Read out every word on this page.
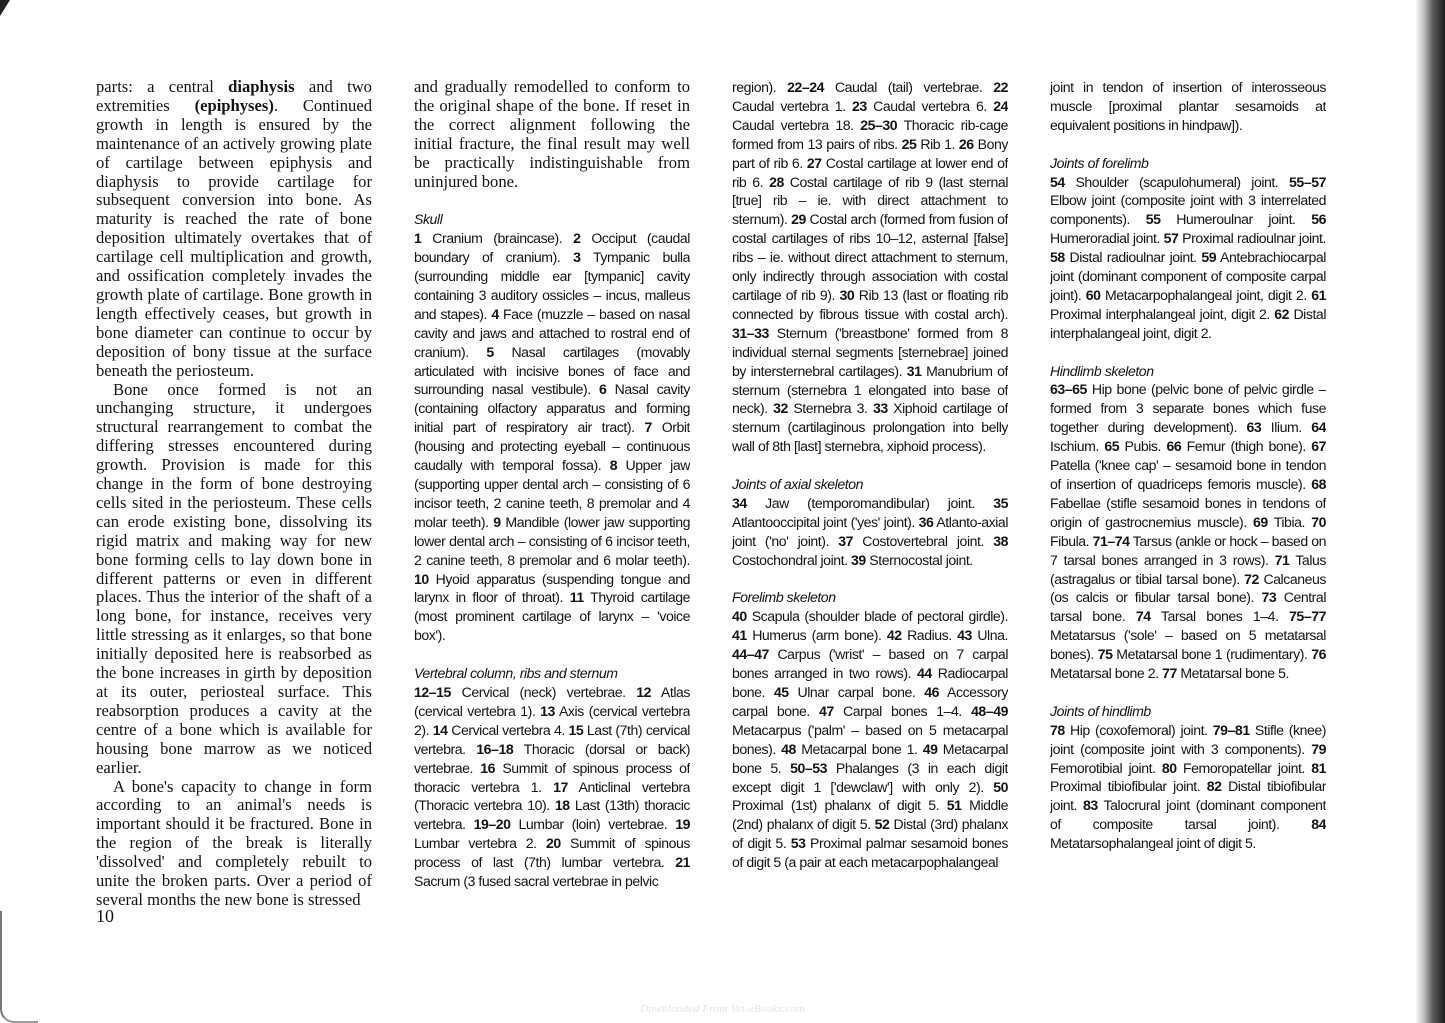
parts: a central diaphysis and two extremities (epiphyses). Continued growth in length is ensured by the maintenance of an actively growing plate of cartilage between epiphysis and diaphysis to provide cartilage for subsequent conversion into bone. As maturity is reached the rate of bone deposition ultimately overtakes that of cartilage cell multiplication and growth, and ossification completely invades the growth plate of cartilage. Bone growth in length effectively ceases, but growth in bone diameter can continue to occur by deposition of bony tissue at the surface beneath the periosteum.

Bone once formed is not an unchanging structure, it undergoes structural rearrangement to combat the differing stresses encountered during growth. Provision is made for this change in the form of bone destroying cells sited in the periosteum. These cells can erode existing bone, dissolving its rigid matrix and making way for new bone forming cells to lay down bone in different patterns or even in different places. Thus the interior of the shaft of a long bone, for instance, receives very little stressing as it enlarges, so that bone initially deposited here is reabsorbed as the bone increases in girth by deposition at its outer, periosteal surface. This reabsorption produces a cavity at the centre of a bone which is available for housing bone marrow as we noticed earlier.

A bone's capacity to change in form according to an animal's needs is important should it be fractured. Bone in the region of the break is literally 'dissolved' and completely rebuilt to unite the broken parts. Over a period of several months the new bone is stressed

and gradually remodelled to conform to the original shape of the bone. If reset in the correct alignment following the initial fracture, the final result may well be practically indistinguishable from uninjured bone.
Skull
1 Cranium (braincase). 2 Occiput (caudal boundary of cranium). 3 Tympanic bulla (surrounding middle ear [tympanic] cavity containing 3 auditory ossicles – incus, malleus and stapes). 4 Face (muzzle – based on nasal cavity and jaws and attached to rostral end of cranium). 5 Nasal cartilages (movably articulated with incisive bones of face and surrounding nasal vestibule). 6 Nasal cavity (containing olfactory apparatus and forming initial part of respiratory air tract). 7 Orbit (housing and protecting eyeball – continuous caudally with temporal fossa). 8 Upper jaw (supporting upper dental arch – consisting of 6 incisor teeth, 2 canine teeth, 8 premolar and 4 molar teeth). 9 Mandible (lower jaw supporting lower dental arch – consisting of 6 incisor teeth, 2 canine teeth, 8 premolar and 6 molar teeth). 10 Hyoid apparatus (suspending tongue and larynx in floor of throat). 11 Thyroid cartilage (most prominent cartilage of larynx – 'voice box').
Vertebral column, ribs and sternum
12–15 Cervical (neck) vertebrae. 12 Atlas (cervical vertebra 1). 13 Axis (cervical vertebra 2). 14 Cervical vertebra 4. 15 Last (7th) cervical vertebra. 16–18 Thoracic (dorsal or back) vertebrae. 16 Summit of spinous process of thoracic vertebra 1. 17 Anticlinal vertebra (Thoracic vertebra 10). 18 Last (13th) thoracic vertebra. 19–20 Lumbar (loin) vertebrae. 19 Lumbar vertebra 2. 20 Summit of spinous process of last (7th) lumbar vertebra. 21 Sacrum (3 fused sacral vertebrae in pelvic
region). 22–24 Caudal (tail) vertebrae. 22 Caudal vertebra 1. 23 Caudal vertebra 6. 24 Caudal vertebra 18. 25–30 Thoracic rib-cage formed from 13 pairs of ribs. 25 Rib 1. 26 Bony part of rib 6. 27 Costal cartilage at lower end of rib 6. 28 Costal cartilage of rib 9 (last sternal [true] rib – ie. with direct attachment to sternum). 29 Costal arch (formed from fusion of costal cartilages of ribs 10–12, asternal [false] ribs – ie. without direct attachment to sternum, only indirectly through association with costal cartilage of rib 9). 30 Rib 13 (last or floating rib connected by fibrous tissue with costal arch). 31–33 Sternum ('breastbone' formed from 8 individual sternal segments [sternebrae] joined by intersternebral cartilages). 31 Manubrium of sternum (sternebra 1 elongated into base of neck). 32 Sternebra 3. 33 Xiphoid cartilage of sternum (cartilaginous prolongation into belly wall of 8th [last] sternebra, xiphoid process).
Joints of axial skeleton
34 Jaw (temporomandibular) joint. 35 Atlantooccipital joint ('yes' joint). 36 Atlanto-axial joint ('no' joint). 37 Costovertebral joint. 38 Costochondral joint. 39 Sternocostal joint.
Forelimb skeleton
40 Scapula (shoulder blade of pectoral girdle). 41 Humerus (arm bone). 42 Radius. 43 Ulna. 44–47 Carpus ('wrist' – based on 7 carpal bones arranged in two rows). 44 Radiocarpal bone. 45 Ulnar carpal bone. 46 Accessory carpal bone. 47 Carpal bones 1–4. 48–49 Metacarpus ('palm' – based on 5 metacarpal bones). 48 Metacarpal bone 1. 49 Metacarpal bone 5. 50–53 Phalanges (3 in each digit except digit 1 ['dewclaw'] with only 2). 50 Proximal (1st) phalanx of digit 5. 51 Middle (2nd) phalanx of digit 5. 52 Distal (3rd) phalanx of digit 5. 53 Proximal palmar sesamoid bones of digit 5 (a pair at each metacarpophalangeal
joint in tendon of insertion of interosseous muscle [proximal plantar sesamoids at equivalent positions in hindpaw]).
Joints of forelimb
54 Shoulder (scapulohumeral) joint. 55–57 Elbow joint (composite joint with 3 interrelated components). 55 Humeroulnar joint. 56 Humeroradial joint. 57 Proximal radioulnar joint. 58 Distal radioulnar joint. 59 Antebrachiocarpal joint (dominant component of composite carpal joint). 60 Metacarpophalangeal joint, digit 2. 61 Proximal interphalangeal joint, digit 2. 62 Distal interphalangeal joint, digit 2.
Hindlimb skeleton
63–65 Hip bone (pelvic bone of pelvic girdle – formed from 3 separate bones which fuse together during development). 63 Ilium. 64 Ischium. 65 Pubis. 66 Femur (thigh bone). 67 Patella ('knee cap' – sesamoid bone in tendon of insertion of quadriceps femoris muscle). 68 Fabellae (stifle sesamoid bones in tendons of origin of gastrocnemius muscle). 69 Tibia. 70 Fibula. 71–74 Tarsus (ankle or hock – based on 7 tarsal bones arranged in 3 rows). 71 Talus (astragalus or tibial tarsal bone). 72 Calcaneus (os calcis or fibular tarsal bone). 73 Central tarsal bone. 74 Tarsal bones 1–4. 75–77 Metatarsus ('sole' – based on 5 metatarsal bones). 75 Metatarsal bone 1 (rudimentary). 76 Metatarsal bone 2. 77 Metatarsal bone 5.
Joints of hindlimb
78 Hip (coxofemoral) joint. 79–81 Stifle (knee) joint (composite joint with 3 components). 79 Femorotibial joint. 80 Femoropatellar joint. 81 Proximal tibiofibular joint. 82 Distal tibiofibular joint. 83 Talocrural joint (dominant component of composite tarsal joint). 84 Metatarsophalangeal joint of digit 5.
10
Downloaded From Vet-eBooks.com
